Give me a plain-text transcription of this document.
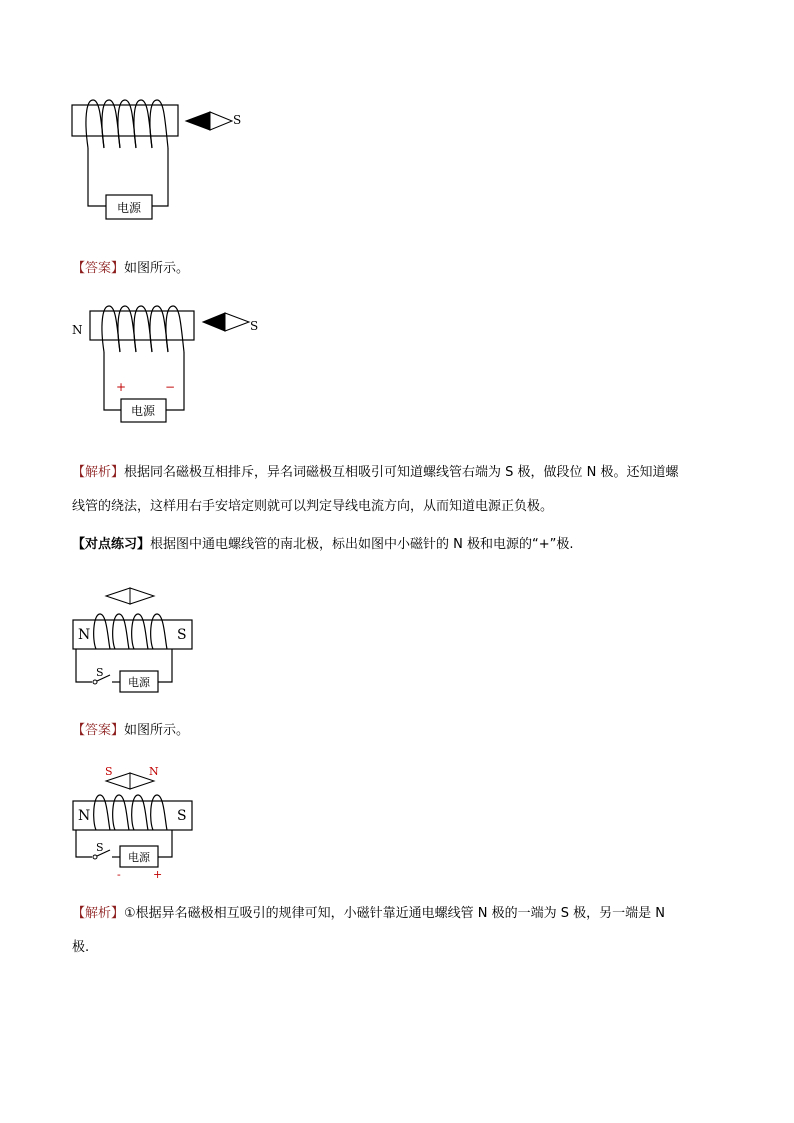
电源
S
【答案】如图所示。
N
电源
+	−
S
【解析】根据同名磁极互相排斥，异名词磁极互相吸引可知道螺线管右端为 S 极，做段位 N 极。还知道螺
线管的绕法，这样用右手安培定则就可以判定导线电流方向，从而知道电源正负极。
【对点练习】根据图中通电螺线管的南北极，标出如图中小磁针的 N 极和电源的“+”极.
N	S
S
电源
【答案】如图所示。
S	N
N	S
S
电源
-	+
【解析】①根据异名磁极相互吸引的规律可知，小磁针靠近通电螺线管 N 极的一端为 S 极，另一端是 N
极.
